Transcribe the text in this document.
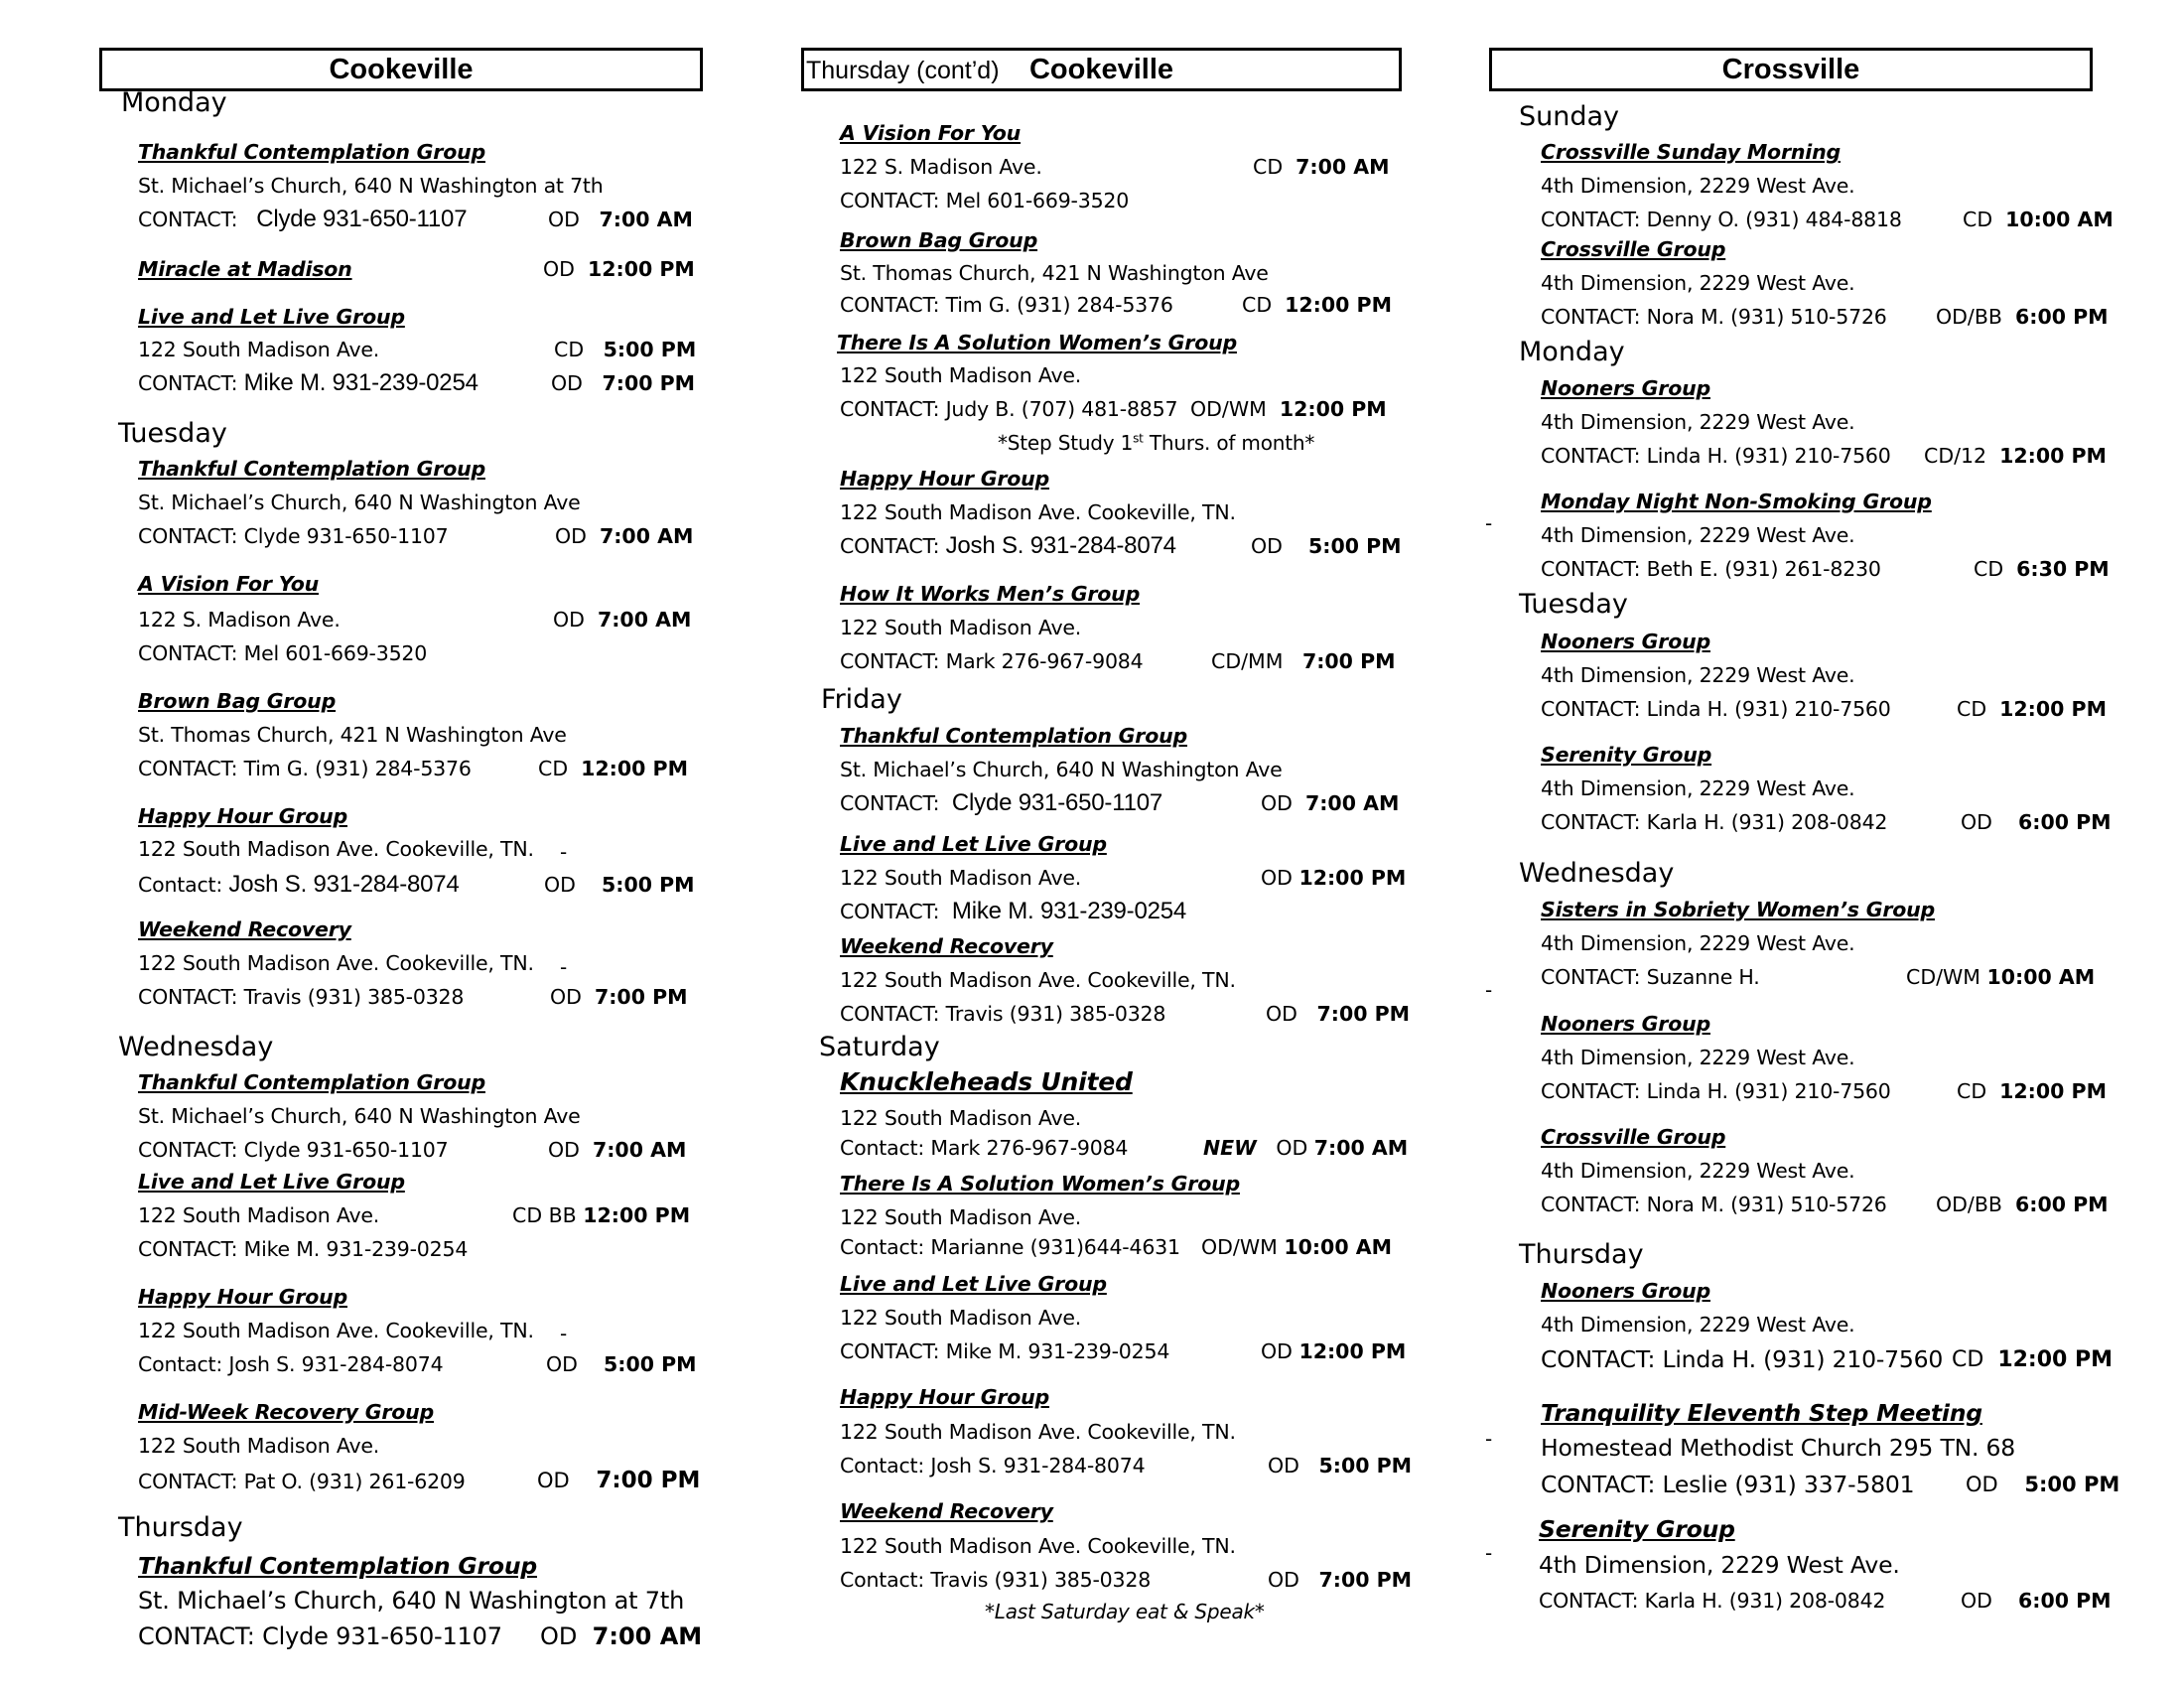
Cookeville
Monday
Thankful Contemplation Group
St. Michael’s Church, 640 N Washington at 7th
CONTACT: Clyde 931-650-1107	OD 7:00 AM
Miracle at Madison	OD 12:00 PM
Live and Let Live Group
122 South Madison Ave.	CD 5:00 PM
CONTACT: Mike M. 931-239-0254	OD 7:00 PM
Tuesday
Thankful Contemplation Group
St. Michael’s Church, 640 N Washington Ave
CONTACT: Clyde 931-650-1107	OD 7:00 AM
A Vision For You
122 S. Madison Ave.	OD 7:00 AM
CONTACT: Mel 601-669-3520
Brown Bag Group
St. Thomas Church, 421 N Washington Ave
CONTACT: Tim G. (931) 284-5376	CD 12:00 PM
Happy Hour Group
122 South Madison Ave. Cookeville, TN. -
Contact: Josh S. 931-284-8074	OD 5:00 PM
Weekend Recovery
122 South Madison Ave. Cookeville, TN. -
CONTACT: Travis (931) 385-0328	OD 7:00 PM
Wednesday
Thankful Contemplation Group
St. Michael’s Church, 640 N Washington Ave
CONTACT: Clyde 931-650-1107	OD 7:00 AM
Live and Let Live Group
122 South Madison Ave.	CD BB 12:00 PM
CONTACT: Mike M. 931-239-0254
Happy Hour Group
122 South Madison Ave. Cookeville, TN. -
Contact: Josh S. 931-284-8074	OD 5:00 PM
Mid-Week Recovery Group
122 South Madison Ave.
CONTACT: Pat O. (931) 261-6209	OD 7:00 PM
Thursday
Thankful Contemplation Group
St. Michael’s Church, 640 N Washington at 7th
CONTACT: Clyde 931-650-1107 OD 7:00 AM
Thursday (cont’d) Cookeville
A Vision For You
122 S. Madison Ave.	CD 7:00 AM
CONTACT: Mel 601-669-3520
Brown Bag Group
St. Thomas Church, 421 N Washington Ave
CONTACT: Tim G. (931) 284-5376	CD 12:00 PM
There Is A Solution Women’s Group
122 South Madison Ave.
CONTACT: Judy B. (707) 481-8857 OD/WM 12:00 PM
*Step Study 1st Thurs. of month*
Happy Hour Group
122 South Madison Ave. Cookeville, TN.
CONTACT: Josh S. 931-284-8074	OD 5:00 PM
How It Works Men’s Group
122 South Madison Ave.
CONTACT: Mark 276-967-9084	CD/MM 7:00 PM
Friday
Thankful Contemplation Group
St. Michael’s Church, 640 N Washington Ave
CONTACT: Clyde 931-650-1107	OD 7:00 AM
Live and Let Live Group
122 South Madison Ave.	OD 12:00 PM
CONTACT: Mike M. 931-239-0254
Weekend Recovery
122 South Madison Ave. Cookeville, TN.
CONTACT: Travis (931) 385-0328	OD 7:00 PM
Saturday
Knuckleheads United
122 South Madison Ave.
Contact: Mark 276-967-9084	NEW OD 7:00 AM
There Is A Solution Women’s Group
122 South Madison Ave.
Contact: Marianne (931)644-4631 OD/WM 10:00 AM
Live and Let Live Group
122 South Madison Ave.
CONTACT: Mike M. 931-239-0254	OD 12:00 PM
Happy Hour Group
122 South Madison Ave. Cookeville, TN.
Contact: Josh S. 931-284-8074	OD 5:00 PM
Weekend Recovery
122 South Madison Ave. Cookeville, TN.
Contact: Travis (931) 385-0328	OD 7:00 PM
*Last Saturday eat & Speak*
Crossville
Sunday
Crossville Sunday Morning
4th Dimension, 2229 West Ave.
CONTACT: Denny O. (931) 484-8818	CD 10:00 AM
Crossville Group
4th Dimension, 2229 West Ave.
CONTACT: Nora M. (931) 510-5726 OD/BB 6:00 PM
Monday
Nooners Group
4th Dimension, 2229 West Ave.
CONTACT: Linda H. (931) 210-7560 CD/12 12:00 PM
-
Monday Night Non-Smoking Group
4th Dimension, 2229 West Ave.
CONTACT: Beth E. (931) 261-8230	CD 6:30 PM
Tuesday
Nooners Group
4th Dimension, 2229 West Ave.
CONTACT: Linda H. (931) 210-7560	CD 12:00 PM
Serenity Group
4th Dimension, 2229 West Ave.
CONTACT: Karla H. (931) 208-0842	OD 6:00 PM
Wednesday
Sisters in Sobriety Women’s Group
4th Dimension, 2229 West Ave.
-
CONTACT: Suzanne H.	CD/WM 10:00 AM
Nooners Group
4th Dimension, 2229 West Ave.
CONTACT: Linda H. (931) 210-7560	CD 12:00 PM
Crossville Group
4th Dimension, 2229 West Ave.
CONTACT: Nora M. (931) 510-5726 OD/BB 6:00 PM
Thursday
Nooners Group
4th Dimension, 2229 West Ave.
CONTACT: Linda H. (931) 210-7560 CD 12:00 PM
-
Tranquility Eleventh Step Meeting
Homestead Methodist Church 295 TN. 68
CONTACT: Leslie (931) 337-5801 OD 5:00 PM
-
Serenity Group
4th Dimension, 2229 West Ave.
CONTACT: Karla H. (931) 208-0842	OD 6:00 PM
